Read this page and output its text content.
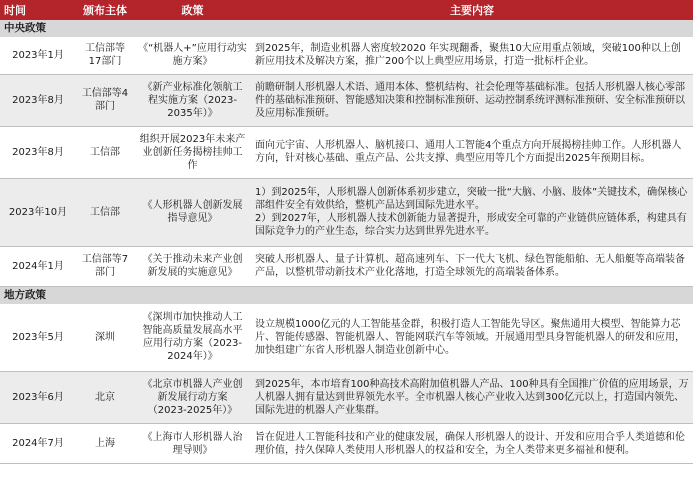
时间	颁布主体	政策	主要内容
中央政策			
2023年1月	工信部等17部门	《“机器人+”应用行动实施方案》	到2025年，制造业机器人密度较2020 年实现翻番，聚焦10大应用重点领域，突破100种以上创新应用技术及解决方案，推广200个以上典型应用场景，打造一批标杆企业。
2023年8月	工信部等4部门	《新产业标准化领航工程实施方案（2023-2035年）》	前瞻研制人形机器人术语、通用本体、整机结构、社会伦理等基础标准。包括人形机器人核心零部件的基础标准预研、智能感知决策和控制标准预研、运动控制系统评测标准预研、安全标准预研以及应用标准预研。
2023年8月	工信部	组织开展2023年未来产业创新任务揭榜挂帅工作	面向元宇宙、人形机器人、脑机接口、通用人工智能4个重点方向开展揭榜挂帅工作。人形机器人方向，针对核心基础、重点产品、公共支撑、典型应用等几个方面提出2025年预期目标。
2023年10月	工信部	《人形机器人创新发展指导意见》	1）到2025年，人形机器人创新体系初步建立，突破一批“大脑、小脑、肢体”关键技术，确保核心部组件安全有效供给，整机产品达到国际先进水平。
2）到2027年，人形机器人技术创新能力显著提升，形成安全可靠的产业链供应链体系，构建具有国际竞争力的产业生态，综合实力达到世界先进水平。
2024年1月	工信部等7部门	《关于推动未来产业创新发展的实施意见》	突破人形机器人、量子计算机、超高速列车、下一代大飞机、绿色智能船舶、无人船艇等高端装备产品，以整机带动新技术产业化落地，打造全球领先的高端装备体系。
地方政策			
2023年5月	深圳	《深圳市加快推动人工智能高质量发展高水平应用行动方案（2023-2024年）》	设立规模1000亿元的人工智能基金群，积极打造人工智能先导区。聚焦通用大模型、智能算力芯片、智能传感器、智能机器人、智能网联汽车等领域。开展通用型具身智能机器人的研发和应用，加快组建广东省人形机器人制造业创新中心。
2023年6月	北京	《北京市机器人产业创新发展行动方案（2023-2025年）》	到2025年，本市培育100种高技术高附加值机器人产品、100种具有全国推广价值的应用场景，万人机器人拥有量达到世界领先水平。全市机器人核心产业收入达到300亿元以上，打造国内领先、国际先进的机器人产业集群。
2024年7月	上海	《上海市人形机器人治理导则》	旨在促进人工智能科技和产业的健康发展，确保人形机器人的设计、开发和应用合乎人类道德和伦理价值，持久保障人类使用人形机器人的权益和安全，为全人类带来更多福祉和便利。
